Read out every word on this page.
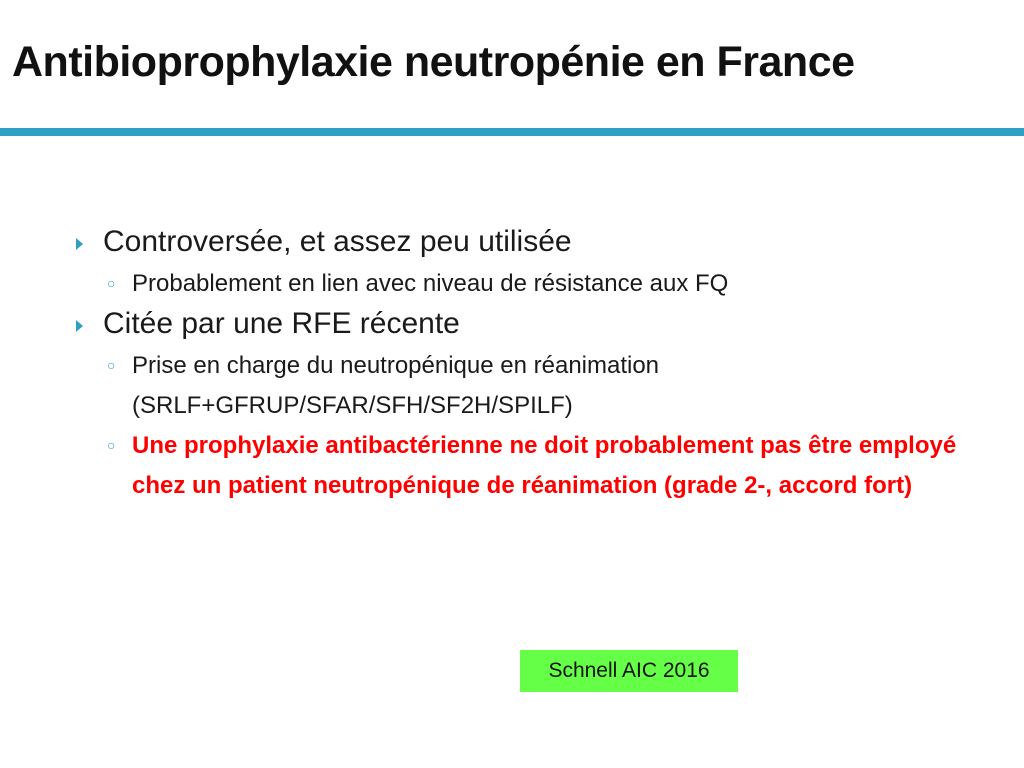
Antibioprophylaxie neutropénie en France
Controversée, et assez peu utilisée
○ Probablement en lien avec niveau de résistance aux FQ
Citée par une RFE récente
○ Prise en charge du neutropénique en réanimation (SRLF+GFRUP/SFAR/SFH/SF2H/SPILF)
○ Une prophylaxie antibactérienne ne doit probablement pas être employé chez un patient neutropénique de réanimation (grade 2-, accord fort)
Schnell AIC 2016
